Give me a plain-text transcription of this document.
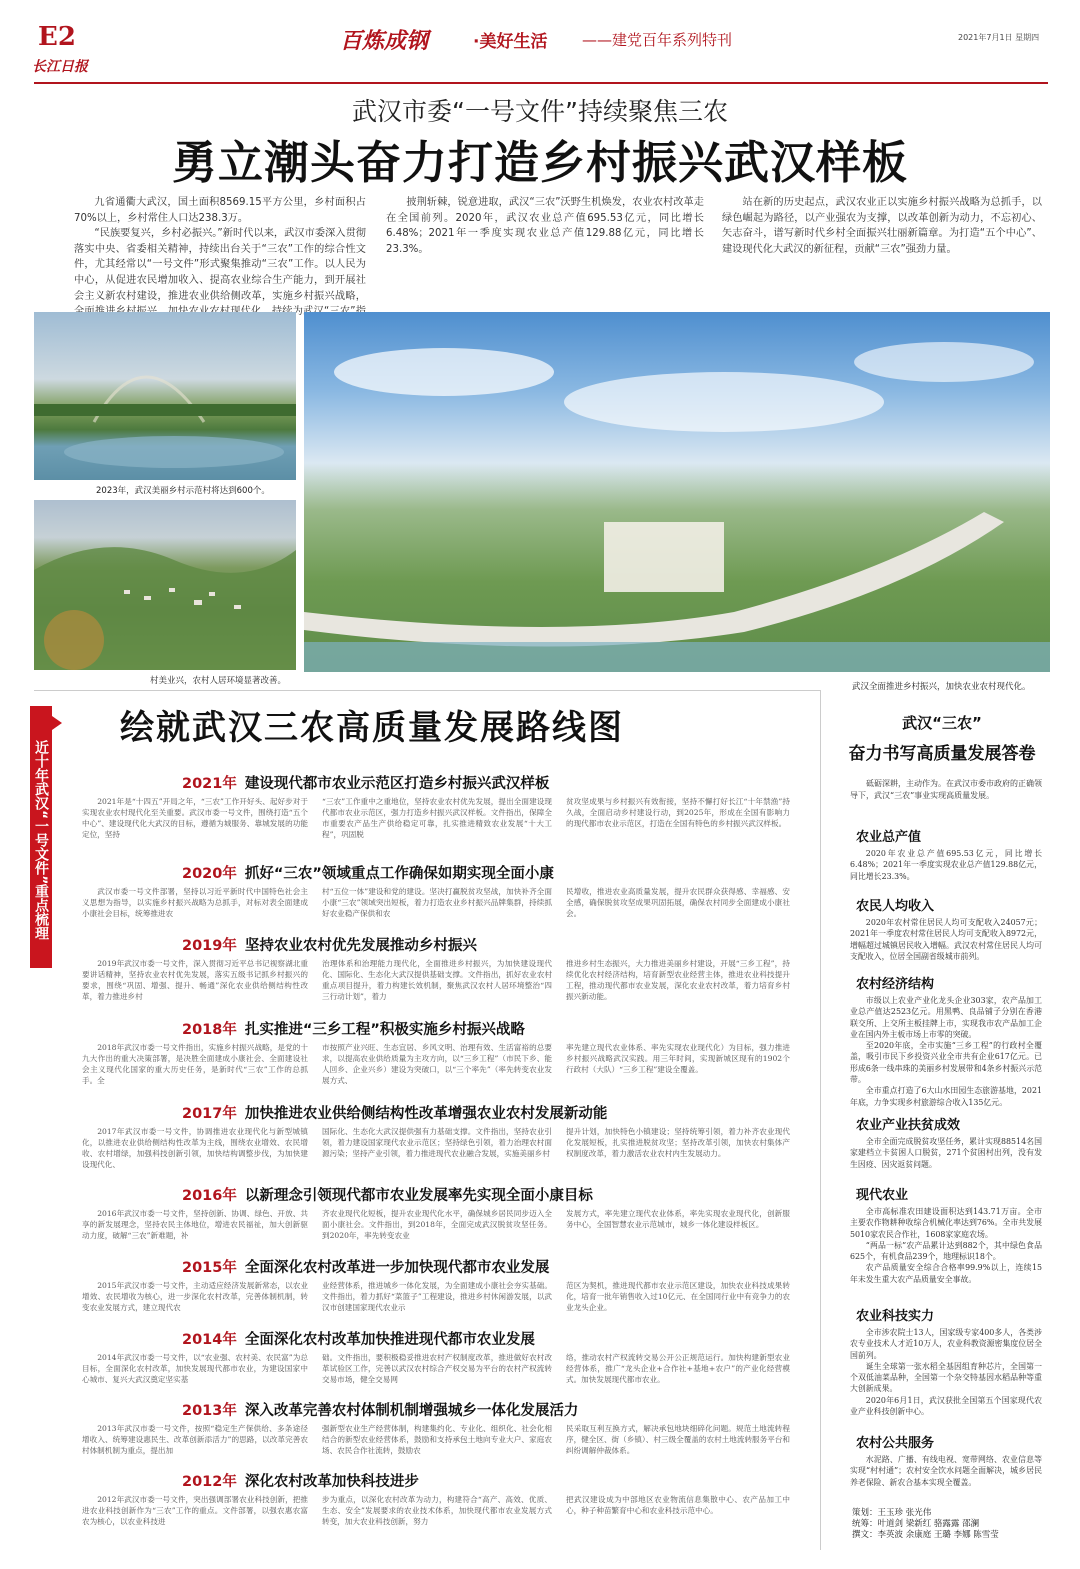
E2
长江日报
百炼成钢	·美好生活 ——建党百年系列特刊	2021年7月1日 星期四
武汉市委“一号文件”持续聚焦三农
勇立潮头奋力打造乡村振兴武汉样板

九省通衢大武汉，国土面积8569.15平方公里，乡村面积占70%以上，乡村常住人口达238.3万。

“民族要复兴，乡村必振兴。”新时代以来，武汉市委深入贯彻落实中央、省委相关精神，持续出台关于“三农”工作的综合性文件，尤其经常以“一号文件”形式聚集推动“三农”工作。以人民为中心，从促进农民增加收入、提高农业综合生产能力，到开展社会主义新农村建设，推进农业供给侧改革，实施乡村振兴战略， 续为武

披荆斩棘，锐意进取，武汉“三农”沃野生机焕发，农业农村改革走在全国前列。2020年，武汉农业总产值695.53亿元，同比增长6.48%；2021年一季度实现农业总产值129.88亿元，同比增长23.3%。

站在新的历史起点，武汉农业正以实施乡村振兴战略为总抓手，以绿色崛起为路径，以产业强农为支撑，以改革创新为动力，不忘初心、矢志奋斗，谱写新时代乡村全面振兴壮丽新篇章。为打造“五个中心”、建设现代化大武汉的新征程，贡献“三农”强劲力量。

2023年，武汉美丽乡村示范村将达到600个。
村美业兴，农村人居环境显著改善。
武汉全面推进乡村振兴，加快农业农村现代化。
近十年武汉“一号文件”重点梳理
绘就武汉三农高质量发展路线图
2021年 建设现代都市农业示范区打造乡村振兴武汉样板
2021年是“十四五”开局之年，“三农”工作开好头、起好步对于实现农业农村现代化至关重要。武汉市委一号文件，围绕打造“五个中心”、建设现代化大武汉的目标，遵循为城服务、靠城发展的功能定位，坚持
“三农”工作重中之重地位，坚持农业农村优先发展，提出全面建设现代都市农业示范区，强力打造乡村振兴武汉样板。文件指出，保障全市重要农产品生产供给稳定可靠，扎实推进精致农业发展“十大工程”，巩固脱
贫攻坚成果与乡村振兴有效衔接，坚持不懈打好长江“十年禁渔”持久战，全面启动乡村建设行动，到2025年，形成在全国有影响力的现代都市农业示范区，打造在全国有特色的乡村振兴武汉样板。
2020年 抓好“三农”领域重点工作确保如期实现全面小康
武汉市委一号文件部署，坚持以习近平新时代中国特色社会主义思想为指导，以实施乡村振兴战略为总抓手，对标对表全面建成小康社会目标，统筹推进农
村“五位一体”建设和党的建设。坚决打赢脱贫攻坚战，加快补齐全面小康“三农”领域突出短板，着力打造农业乡村振兴品牌集群，持续抓好农业稳产保供和农
民增收，推进农业高质量发展，提升农民群众获得感、幸福感、安全感，确保脱贫攻坚成果巩固拓展，确保农村同步全面建成小康社会。
2019年 坚持农业农村优先发展推动乡村振兴
2019年武汉市委一号文件，深入贯彻习近平总书记视察湖北重要讲话精神，坚持农业农村优先发展，落实五级书记抓乡村振兴的要求，围绕“巩固、增强、提升、畅通”深化农业供给侧结构性改革，着力推进乡村
治理体系和治理能力现代化，全面推进乡村振兴，为加快建设现代化、国际化、生态化大武汉提供基础支撑。文件指出，抓好农业农村重点项目提升，着力构建长效机制，聚焦武汉农村人居环境整治“四三行动计划”，着力
推进乡村生态振兴，大力推进美丽乡村建设，开展“三乡工程”，持续优化农村经济结构，培育新型农业经营主体，推进农业科技提升工程，推动现代都市农业发展，深化农业农村改革，着力培育乡村振兴新动能。
2018年 扎实推进“三乡工程”积极实施乡村振兴战略
2018年武汉市委一号文件指出，实施乡村振兴战略，是党的十九大作出的重大决策部署，是决胜全面建成小康社会、全面建设社会主义现代化国家的重大历史任务，是新时代“三农”工作的总抓手。全
市按照产业兴旺、生态宜居、乡风文明、治理有效、生活富裕的总要求，以提高农业供给质量为主攻方向，以“三乡工程”（市民下乡、能人回乡、企业兴乡）建设为突破口，以“三个率先”（率先转变农业发展方式、
率先建立现代农业体系、率先实现农业现代化）为目标，强力推进乡村振兴战略武汉实践。用三年时间，实现新城区现有的1902个行政村（大队）“三乡工程”建设全覆盖。
2017年 加快推进农业供给侧结构性改革增强农业农村发展新动能
2017年武汉市委一号文件，协调推进农业现代化与新型城镇化，以推进农业供给侧结构性改革为主线，围绕农业增效、农民增收、农村增绿，加强科技创新引领，加快结构调整步伐，为加快建设现代化、
国际化、生态化大武汉提供强有力基础支撑。文件指出，坚持农业引领，着力建设国家现代农业示范区；坚持绿色引领，着力治理农村面源污染；坚持产业引领，着力推进现代农业融合发展，实施美丽乡村
提升计划，加快特色小镇建设；坚持统筹引领，着力补齐农业现代化发展短板，扎实推进脱贫攻坚；坚持改革引领，加快农村集体产权制度改革，着力激活农业农村内生发展动力。
2016年 以新理念引领现代都市农业发展率先实现全面小康目标
2016年武汉市委一号文件，坚持创新、协调、绿色、开放、共享的新发展理念，坚持农民主体地位，增进农民福祉，加大创新驱动力度，破解“三农”新难题，补
齐农业现代化短板，提升农业现代化水平，确保城乡居民同步迈入全面小康社会。文件指出，到2018年，全面完成武汉脱贫攻坚任务。到2020年，率先转变农业
发展方式，率先建立现代农业体系，率先实现农业现代化，创新服务中心，全国智慧农业示范城市，城乡一体化建设样板区。
2015年 全面深化农村改革进一步加快现代都市农业发展
2015年武汉市委一号文件，主动适应经济发展新常态，以农业增效、农民增收为核心，进一步深化农村改革，完善体制机制，转变农业发展方式，建立现代农
业经营体系，推进城乡一体化发展，为全面建成小康社会夯实基础。文件指出，着力抓好“菜篮子”工程建设，推进乡村休闲游发展，以武汉市创建国家现代农业示
范区为契机，推进现代都市农业示范区建设，加快农业科技成果转化，培育一批年销售收入过10亿元、在全国同行业中有竞争力的农业龙头企业。
2014年 全面深化农村改革加快推进现代都市农业发展
2014年武汉市委一号文件，以“农业强、农村美、农民富”为总目标，全面深化农村改革，加快发展现代都市农业，为建设国家中心城市、复兴大武汉奠定坚实基
础。文件指出，要积极稳妥推进农村产权制度改革，推进做好农村改革试验区工作，完善以武汉农村综合产权交易为平台的农村产权流转交易市场，健全交易网
络，推动农村产权流转交易公开公正规范运行。加快构建新型农业经营体系，推广“龙头企业+合作社+基地+农户”的产业化经营模式。加快发展现代都市农业。
2013年 深入改革完善农村体制机制增强城乡一体化发展活力
2013年武汉市委一号文件，按照“稳定生产保供给、多条途径增收入、统筹建设惠民生、改革创新添活力”的思路，以改革完善农村体制机制为重点，提出加
强新型农业生产经营体制，构建集约化、专业化、组织化、社会化相结合的新型农业经营体系，鼓励和支持承包土地向专业大户、家庭农场、农民合作社流转，鼓励农
民采取互利互换方式，解决承包地块细碎化问题。规范土地流转程序，健全区、街（乡镇）、村三级全覆盖的农村土地流转服务平台和纠纷调解仲裁体系。
2012年 深化农村改革加快科技进步
2012年武汉市委一号文件，突出强调部署农业科技创新，把推进农业科技创新作为“三农”工作的重点。文件部署，以强农惠农富农为核心，以农业科技进
步为重点，以深化农村改革为动力，构建符合“高产、高效、优质、生态、安全”发展要求的农业技术体系，加快现代都市农业发展方式转变，加大农业科技创新，努力
把武汉建设成为中部地区农业物流信息集散中心、农产品加工中心，种子种苗繁育中心和农业科技示范中心。
武汉“三农”
奋力书写高质量发展答卷
砥砺深耕，主动作为。在武汉市委市政府的正确领导下，武汉“三农”事业实现高质量发展。
农业总产值

2020年农业总产值695.53亿元，同比增长6.48%；2021年一季度实现农业总产值129.88亿元，同比增长23.3%。

农民人均收入

2020年农村常住居民人均可支配收入24057元；2021年一季度农村常住居民人均可支配收入8972元，增幅超过城镇居民收入增幅。武汉农村常住居民人均可支配收入，位居全国副省级城市前列。

农村经济结构

市级以上农业产业化龙头企业303家，农产品加工业总产值达2523亿元。用黑鸭、良品铺子分别在香港联交所、上交所主板挂牌上市，实现我市农产品加工企业在国内外主板市场上市零的突破。

至2020年底，全市实施“三乡工程”的行政村全覆盖，吸引市民下乡投资兴业全市共有企业617亿元。已形成6条一线串珠的美丽乡村发展带和4条乡村振兴示范带。

全市重点打造了6大山水田园生态旅游基地，2021年底，力争实现乡村旅游综合收入135亿元。

农业产业扶贫成效

全市全面完成脱贫攻坚任务，累计实现88514名国家建档立卡贫困人口脱贫，271个贫困村出列，没有发生因疫、因灾返贫问题。

现代农业

全市高标准农田建设面积达到143.71万亩。全市主要农作物耕种收综合机械化率达到76%。全市共发展5010家农民合作社，1608家家庭农场。

“两品一标”农产品累计达到882个，其中绿色食品625个，有机食品239个，地理标识18个。

农产品质量安全综合合格率99.9%以上，连续15年未发生重大农产品质量安全事故。

农业科技实力

全市涉农院士13人，国家级专家400多人，各类涉农专业技术人才近10万人，农业科教资源密集度位居全国前列。

诞生全球第一张水稻全基因组育种芯片，全国第一个双低油菜品种，全国第一个杂交特基因水稻品种等重大创新成果。

2020年6月1日，武汉获批全国第五个国家现代农业产业科技创新中心。

农村公共服务

水泥路、广播、有线电视、宽带网络、农业信息等实现“村村通”；农村安全饮水问题全面解决，城乡居民养老保险、新农合基本实现全覆盖。

策划：王玉珍 张光伟
统筹：叶道剑 梁新红 骆露露 邵澜
撰文：李英波 余康庭 王璐 李娜 陈雪莹
